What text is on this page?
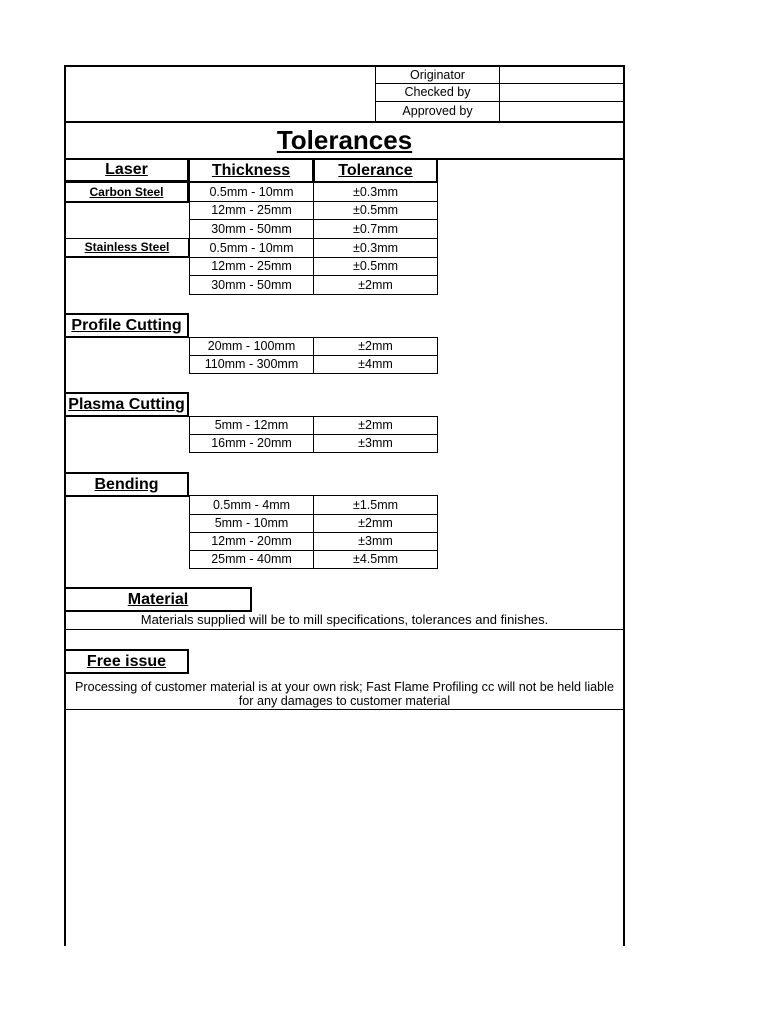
Originator
Checked by
Approved by
Tolerances
Laser	Thickness	Tolerance
Carbon Steel	0.5mm - 10mm	±0.3mm
12mm - 25mm	±0.5mm
30mm - 50mm	±0.7mm
Stainless Steel	0.5mm - 10mm	±0.3mm
12mm - 25mm	±0.5mm
30mm - 50mm	±2mm
Profile Cutting
20mm - 100mm	±2mm
110mm - 300mm	±4mm
Plasma Cutting
5mm - 12mm	±2mm
16mm - 20mm	±3mm
Bending
0.5mm - 4mm	±1.5mm
5mm - 10mm	±2mm
12mm - 20mm	±3mm
25mm - 40mm	±4.5mm
Material
Materials supplied will be to mill specifications, tolerances and finishes.
Free issue
Processing of customer material is at your own risk; Fast Flame Profiling cc will not be held liable
for any damages to customer material
